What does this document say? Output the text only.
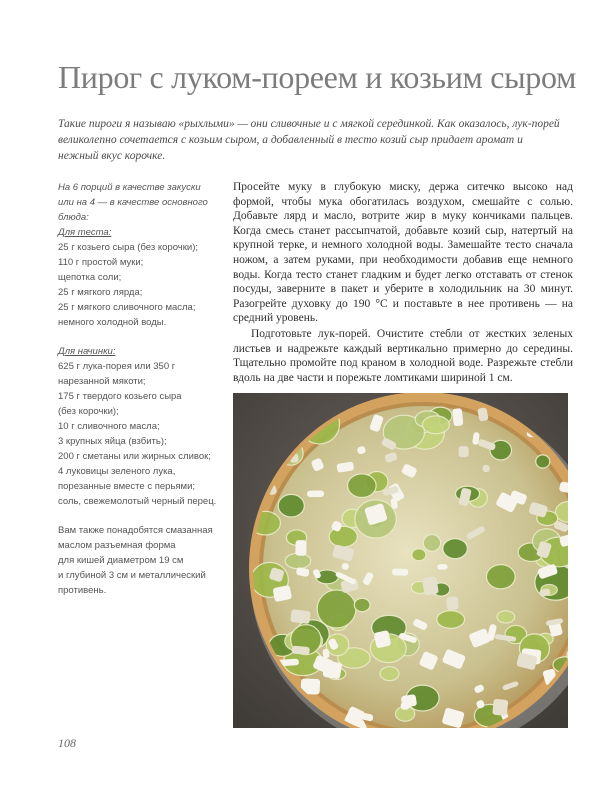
Пирог с луком-пореем и козьим сыром
Такие пироги я называю «рыхлыми» — они сливочные и с мягкой серединкой. Как оказалось, лук-порей великолепно сочетается с козьим сыром, а добавленный в тесто козий сыр придает аромат и нежный вкус корочке.
На 6 порций в качестве закуски
или на 4 — в качестве основного
блюда:
Для теста:
25 г козьего сыра (без корочки);
110 г простой муки;
щепотка соли;
25 г мягкого лярда;
25 г мягкого сливочного масла;
немного холодной воды.
Для начинки:
625 г лука-порея или 350 г
нарезанной мякоти;
175 г твердого козьего сыра
(без корочки);
10 г сливочного масла;
3 крупных яйца (взбить);
200 г сметаны или жирных сливок;
4 луковицы зеленого лука,
порезанные вместе с перьями;
соль, свежемолотый черный перец.
Вам также понадобятся смазанная
маслом разъемная форма
для кишей диаметром 19 см
и глубиной 3 см и металлический
противень.

Просейте муку в глубокую миску, держа ситечко высоко над формой, чтобы мука обогатилась воздухом, смешайте с солью. Добавьте лярд и масло, вотрите жир в муку кончиками пальцев. Когда смесь станет рассыпчатой, добавьте козий сыр, натертый на крупной терке, и немного холодной воды. Замешайте тесто сначала ножом, а затем руками, при необходимости добавив еще немного воды. Когда тесто станет гладким и будет легко отставать от стенок посуды, заверните в пакет и уберите в холодильник на 30 минут. Разогрейте духовку до 190 °C и поставьте в нее противень — на средний уровень.

Подготовьте лук-порей. Очистите стебли от жестких зеленых листьев и надрежьте каждый вертикально примерно до середины. Тщательно промойте под краном в холодной воде. Разрежьте стебли вдоль на две части и порежьте ломтиками шириной 1 см.

108
